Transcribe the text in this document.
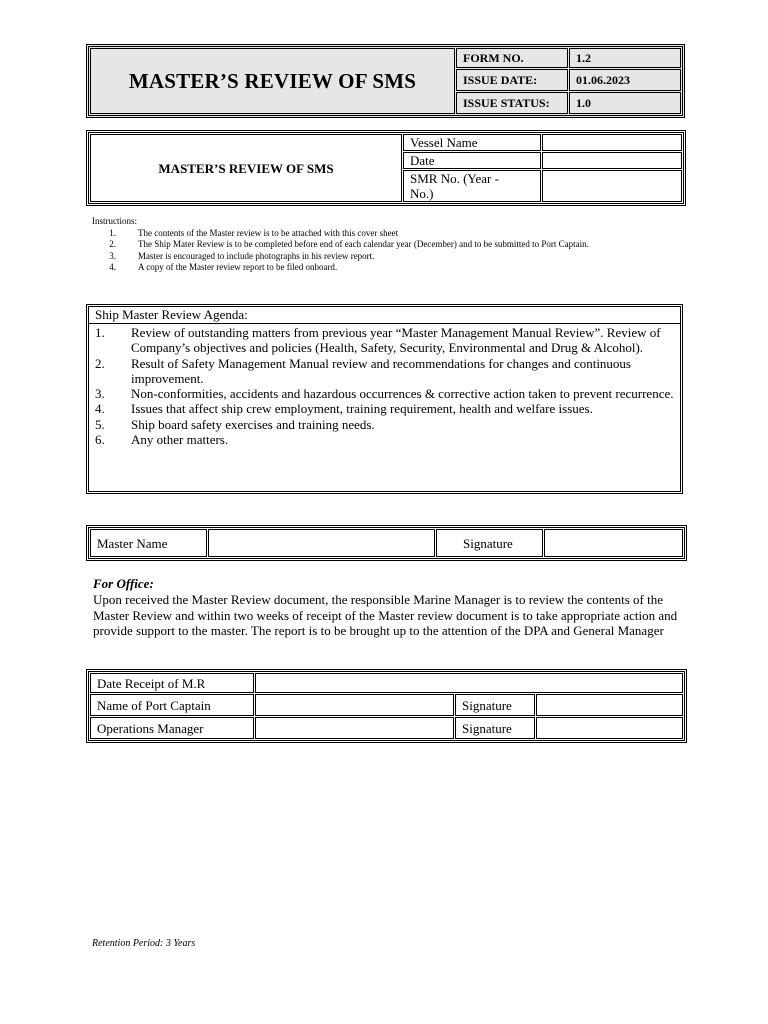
MASTER’S REVIEW OF SMS	FORM NO.	1.2
	ISSUE DATE:	01.06.2023
	ISSUE STATUS:	1.0
MASTER’S REVIEW OF SMS	Vessel Name	
	Date	
	SMR No. (Year - No.)	
Instructions:
1.	The contents of the Master review is to be attached with this cover sheet
2.	The Ship Mater Review is to be completed before end of each calendar year (December) and to be submitted to Port Captain.
3.	Master is encouraged to include photographs in his review report.
4.	A copy of the Master review report to be filed onboard.
Ship Master Review Agenda:
1.	Review of outstanding matters from previous year “Master Management Manual Review”. Review of Company’s objectives and policies (Health, Safety, Security, Environmental and Drug & Alcohol).
2.	Result of Safety Management Manual review and recommendations for changes and continuous improvement.
3.	Non-conformities, accidents and hazardous occurrences & corrective action taken to prevent recurrence.
4.	Issues that affect ship crew employment, training requirement, health and welfare issues.
5.	Ship board safety exercises and training needs.
6.	Any other matters.
Master Name		Signature	
For Office:
Upon received the Master Review document, the responsible Marine Manager is to review the contents of the Master Review and within two weeks of receipt of the Master review document is to take appropriate action and provide support to the master. The report is to be brought up to the attention of the DPA and General Manager
Date Receipt of M.R			
Name of Port Captain		Signature	
Operations Manager		Signature	
Retention Period: 3 Years
